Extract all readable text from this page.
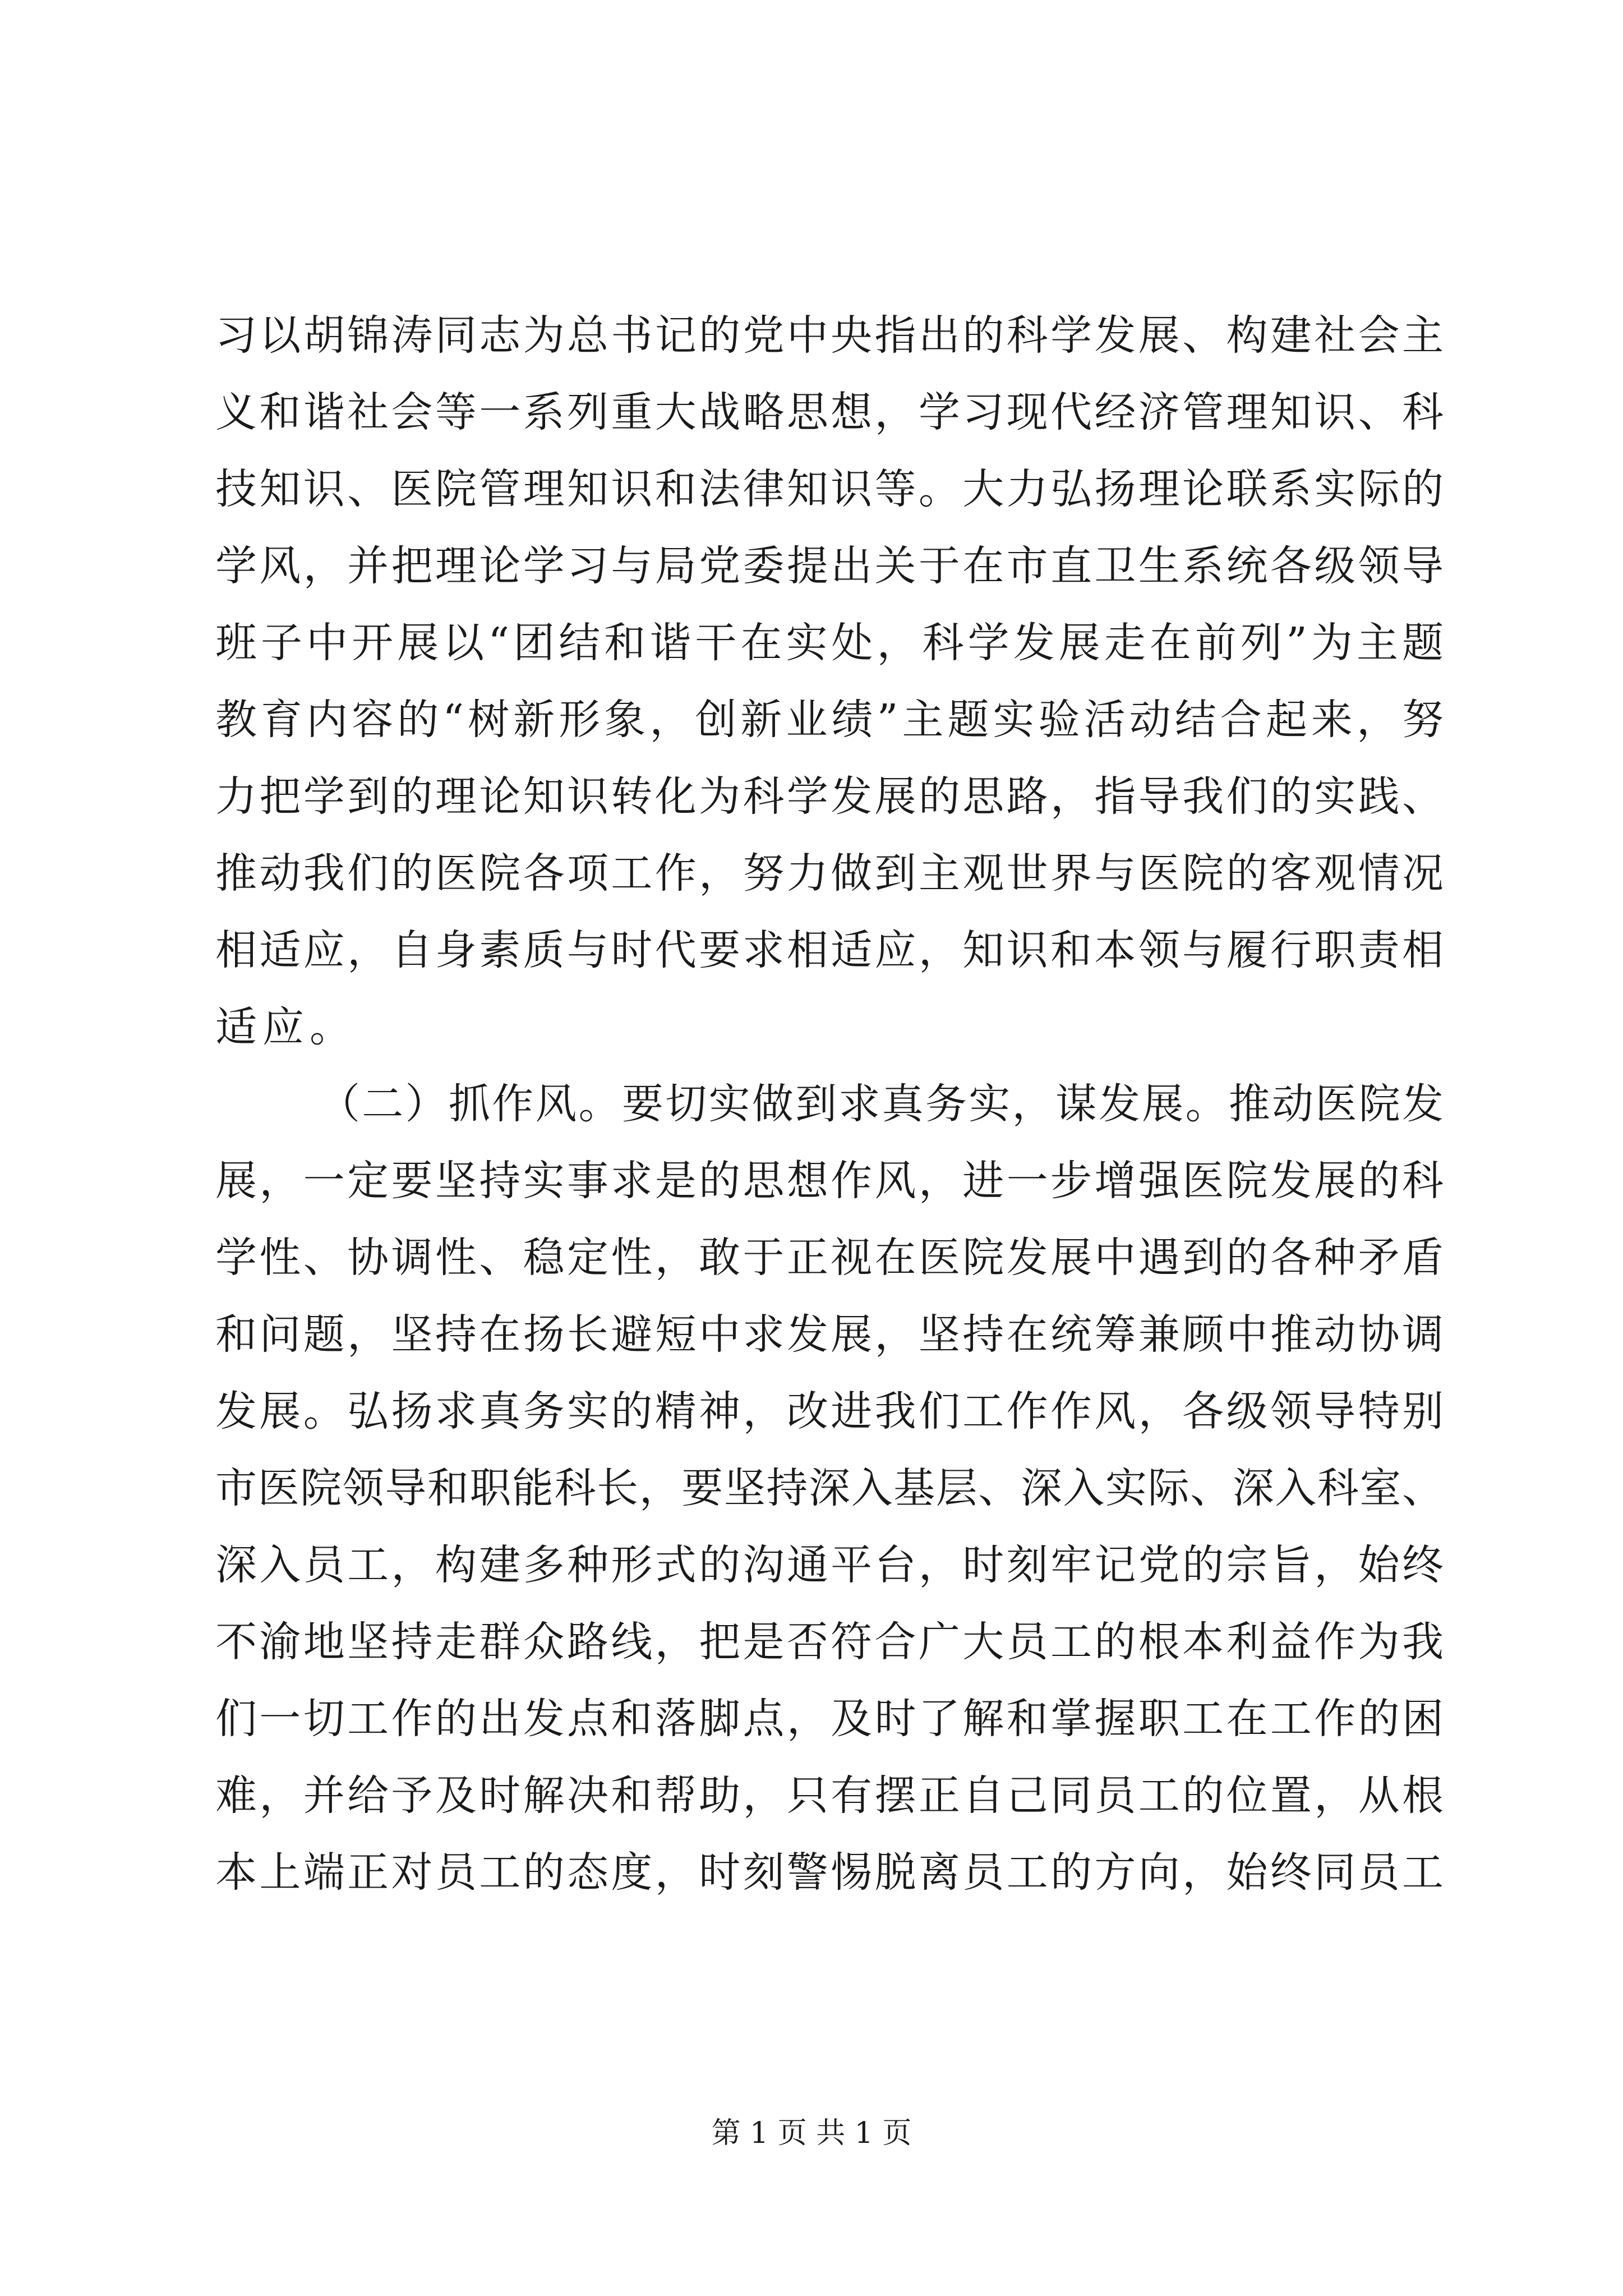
习以胡锦涛同志为总书记的党中央指出的科学发展、构建社会主
义和谐社会等一系列重大战略思想，学习现代经济管理知识、科
技知识、医院管理知识和法律知识等。大力弘扬理论联系实际的
学风，并把理论学习与局党委提出关于在市直卫生系统各级领导
班子中开展以“团结和谐干在实处，科学发展走在前列”为主题
教育内容的“树新形象，创新业绩”主题实验活动结合起来，努
力把学到的理论知识转化为科学发展的思路，指导我们的实践、
推动我们的医院各项工作，努力做到主观世界与医院的客观情况
相适应，自身素质与时代要求相适应，知识和本领与履行职责相
适应。
（二）抓作风。要切实做到求真务实，谋发展。推动医院发
展，一定要坚持实事求是的思想作风，进一步增强医院发展的科
学性、协调性、稳定性，敢于正视在医院发展中遇到的各种矛盾
和问题，坚持在扬长避短中求发展，坚持在统筹兼顾中推动协调
发展。弘扬求真务实的精神，改进我们工作作风，各级领导特别
市医院领导和职能科长，要坚持深入基层、深入实际、深入科室、
深入员工，构建多种形式的沟通平台，时刻牢记党的宗旨，始终
不渝地坚持走群众路线，把是否符合广大员工的根本利益作为我
们一切工作的出发点和落脚点，及时了解和掌握职工在工作的困
难，并给予及时解决和帮助，只有摆正自己同员工的位置，从根
本上端正对员工的态度，时刻警惕脱离员工的方向，始终同员工
第 1 页 共 1 页
